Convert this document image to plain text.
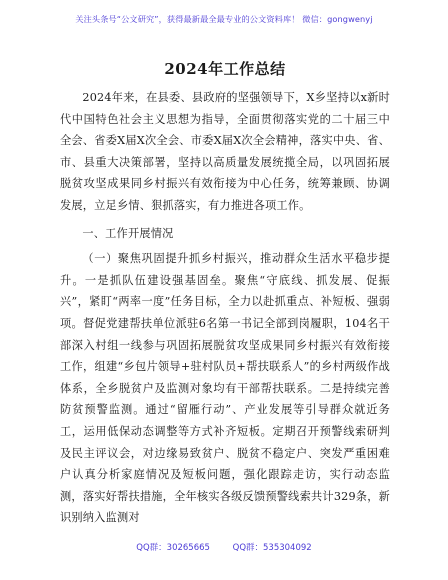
关注头条号“公文研究”，获得最新最全最专业的公文资料库！ 微信：gongwenyj
2024年工作总结

2024年来，在县委、县政府的坚强领导下，X乡坚持以x新时代中国特色社会主义思想为指导，全面贯彻落实党的二十届三中全会、省委X届X次全会、市委X届X次全会精神，落实中央、省、市、县重大决策部署，坚持以高质量发展统揽全局，以巩固拓展脱贫攻坚成果同乡村振兴有效衔接为中心任务，统筹兼顾、协调发展，立足乡情、狠抓落实，有力推进各项工作。

一、工作开展情况

（一）聚焦巩固提升抓乡村振兴，推动群众生活水平稳步提升。一是抓队伍建设强基固垒。聚焦“守底线、抓发展、促振兴”，紧盯“两率一度”任务目标，全力以赴抓重点、补短板、强弱项。督促党建帮扶单位派驻6名第一书记全部到岗履职，104名干部深入村组一线参与巩固拓展脱贫攻坚成果同乡村振兴有效衔接工作，组建“乡包片领导+驻村队员+帮扶联系人”的乡村两级作战体系，全乡脱贫户及监测对象均有干部帮扶联系。二是持续完善防贫预警监测。通过“留雁行动”、产业发展等引导群众就近务工，运用低保动态调整等方式补齐短板。定期召开预警线索研判及民主评议会，对边缘易致贫户、脱贫不稳定户、突发严重困难户认真分析家庭情况及短板问题，强化跟踪走访，实行动态监测，落实好帮扶措施，全年核实各级反馈预警线索共计329条，新识别纳入监测对

QQ群：30265665	QQ群：535304092
